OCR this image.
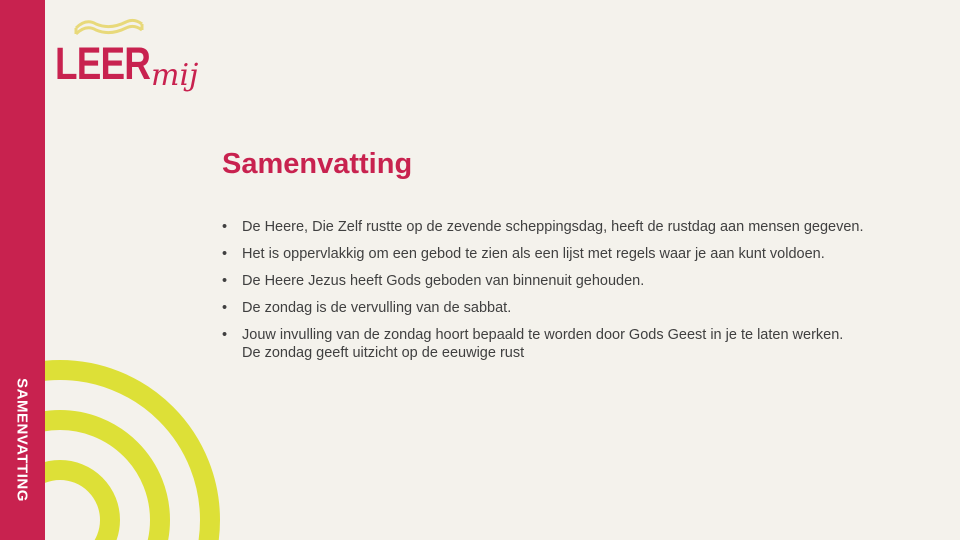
SAMENVATTING
LEER mij
Samenvatting
• De Heere, Die Zelf rustte op de zevende scheppingsdag, heeft de rustdag aan mensen gegeven.
• Het is oppervlakkig om een gebod te zien als een lijst met regels waar je aan kunt voldoen.
• De Heere Jezus heeft Gods geboden van binnenuit gehouden.
• De zondag is de vervulling van de sabbat.
• Jouw invulling van de zondag hoort bepaald te worden door Gods Geest in je te laten werken.
De zondag geeft uitzicht op de eeuwige rust
